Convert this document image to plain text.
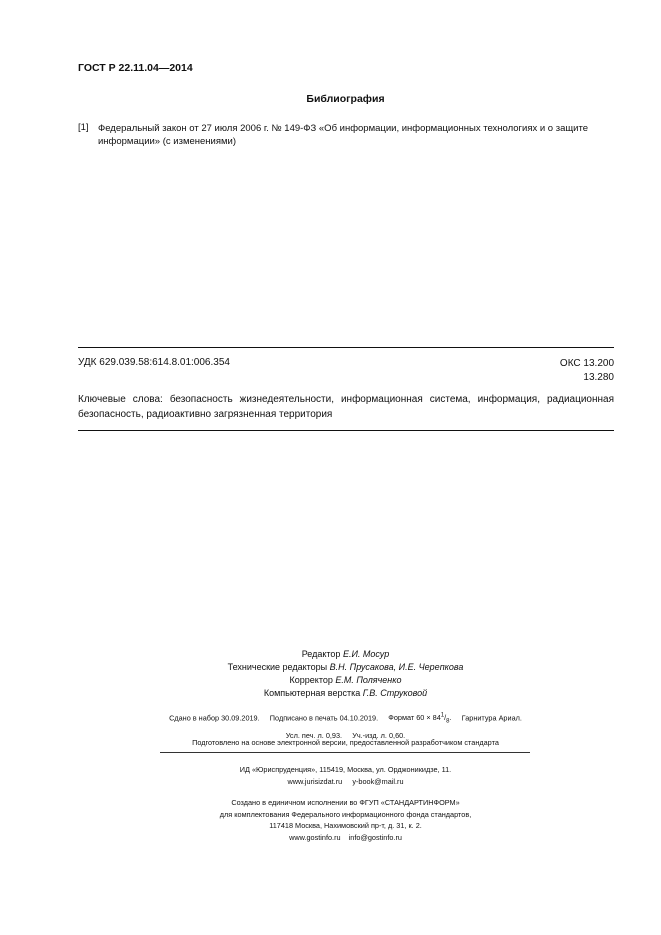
ГОСТ Р 22.11.04—2014
Библиография
[1] Федеральный закон от 27 июля 2006 г. № 149-ФЗ «Об информации, информационных технологиях и о защите информации» (с изменениями)
УДК 629.039.58:614.8.01:006.354	ОКС 13.200
13.280
Ключевые слова: безопасность жизнедеятельности, информационная система, информация, радиационная безопасность, радиоактивно загрязненная территория
Редактор Е.И. Мосур
Технические редакторы В.Н. Прусакова, И.Е. Черепкова
Корректор Е.М. Поляченко
Компьютерная верстка Г.В. Струковой
Сдано в набор 30.09.2019. Подписано в печать 04.10.2019. Формат $60 \times 84^1/_8$. Гарнитура Ариал.
Усл. печ. л. 0,93. Уч.-изд. л. 0,60.
Подготовлено на основе электронной версии, предоставленной разработчиком стандарта
ИД «Юриспруденция», 115419, Москва, ул. Орджоникидзе, 11.
www.jurisizdat.ru y-book@mail.ru
Создано в единичном исполнении во ФГУП «СТАНДАРТИНФОРМ»
для комплектования Федерального информационного фонда стандартов,
117418 Москва, Нахимовский пр-т, д. 31, к. 2.
www.gostinfo.ru info@gostinfo.ru
